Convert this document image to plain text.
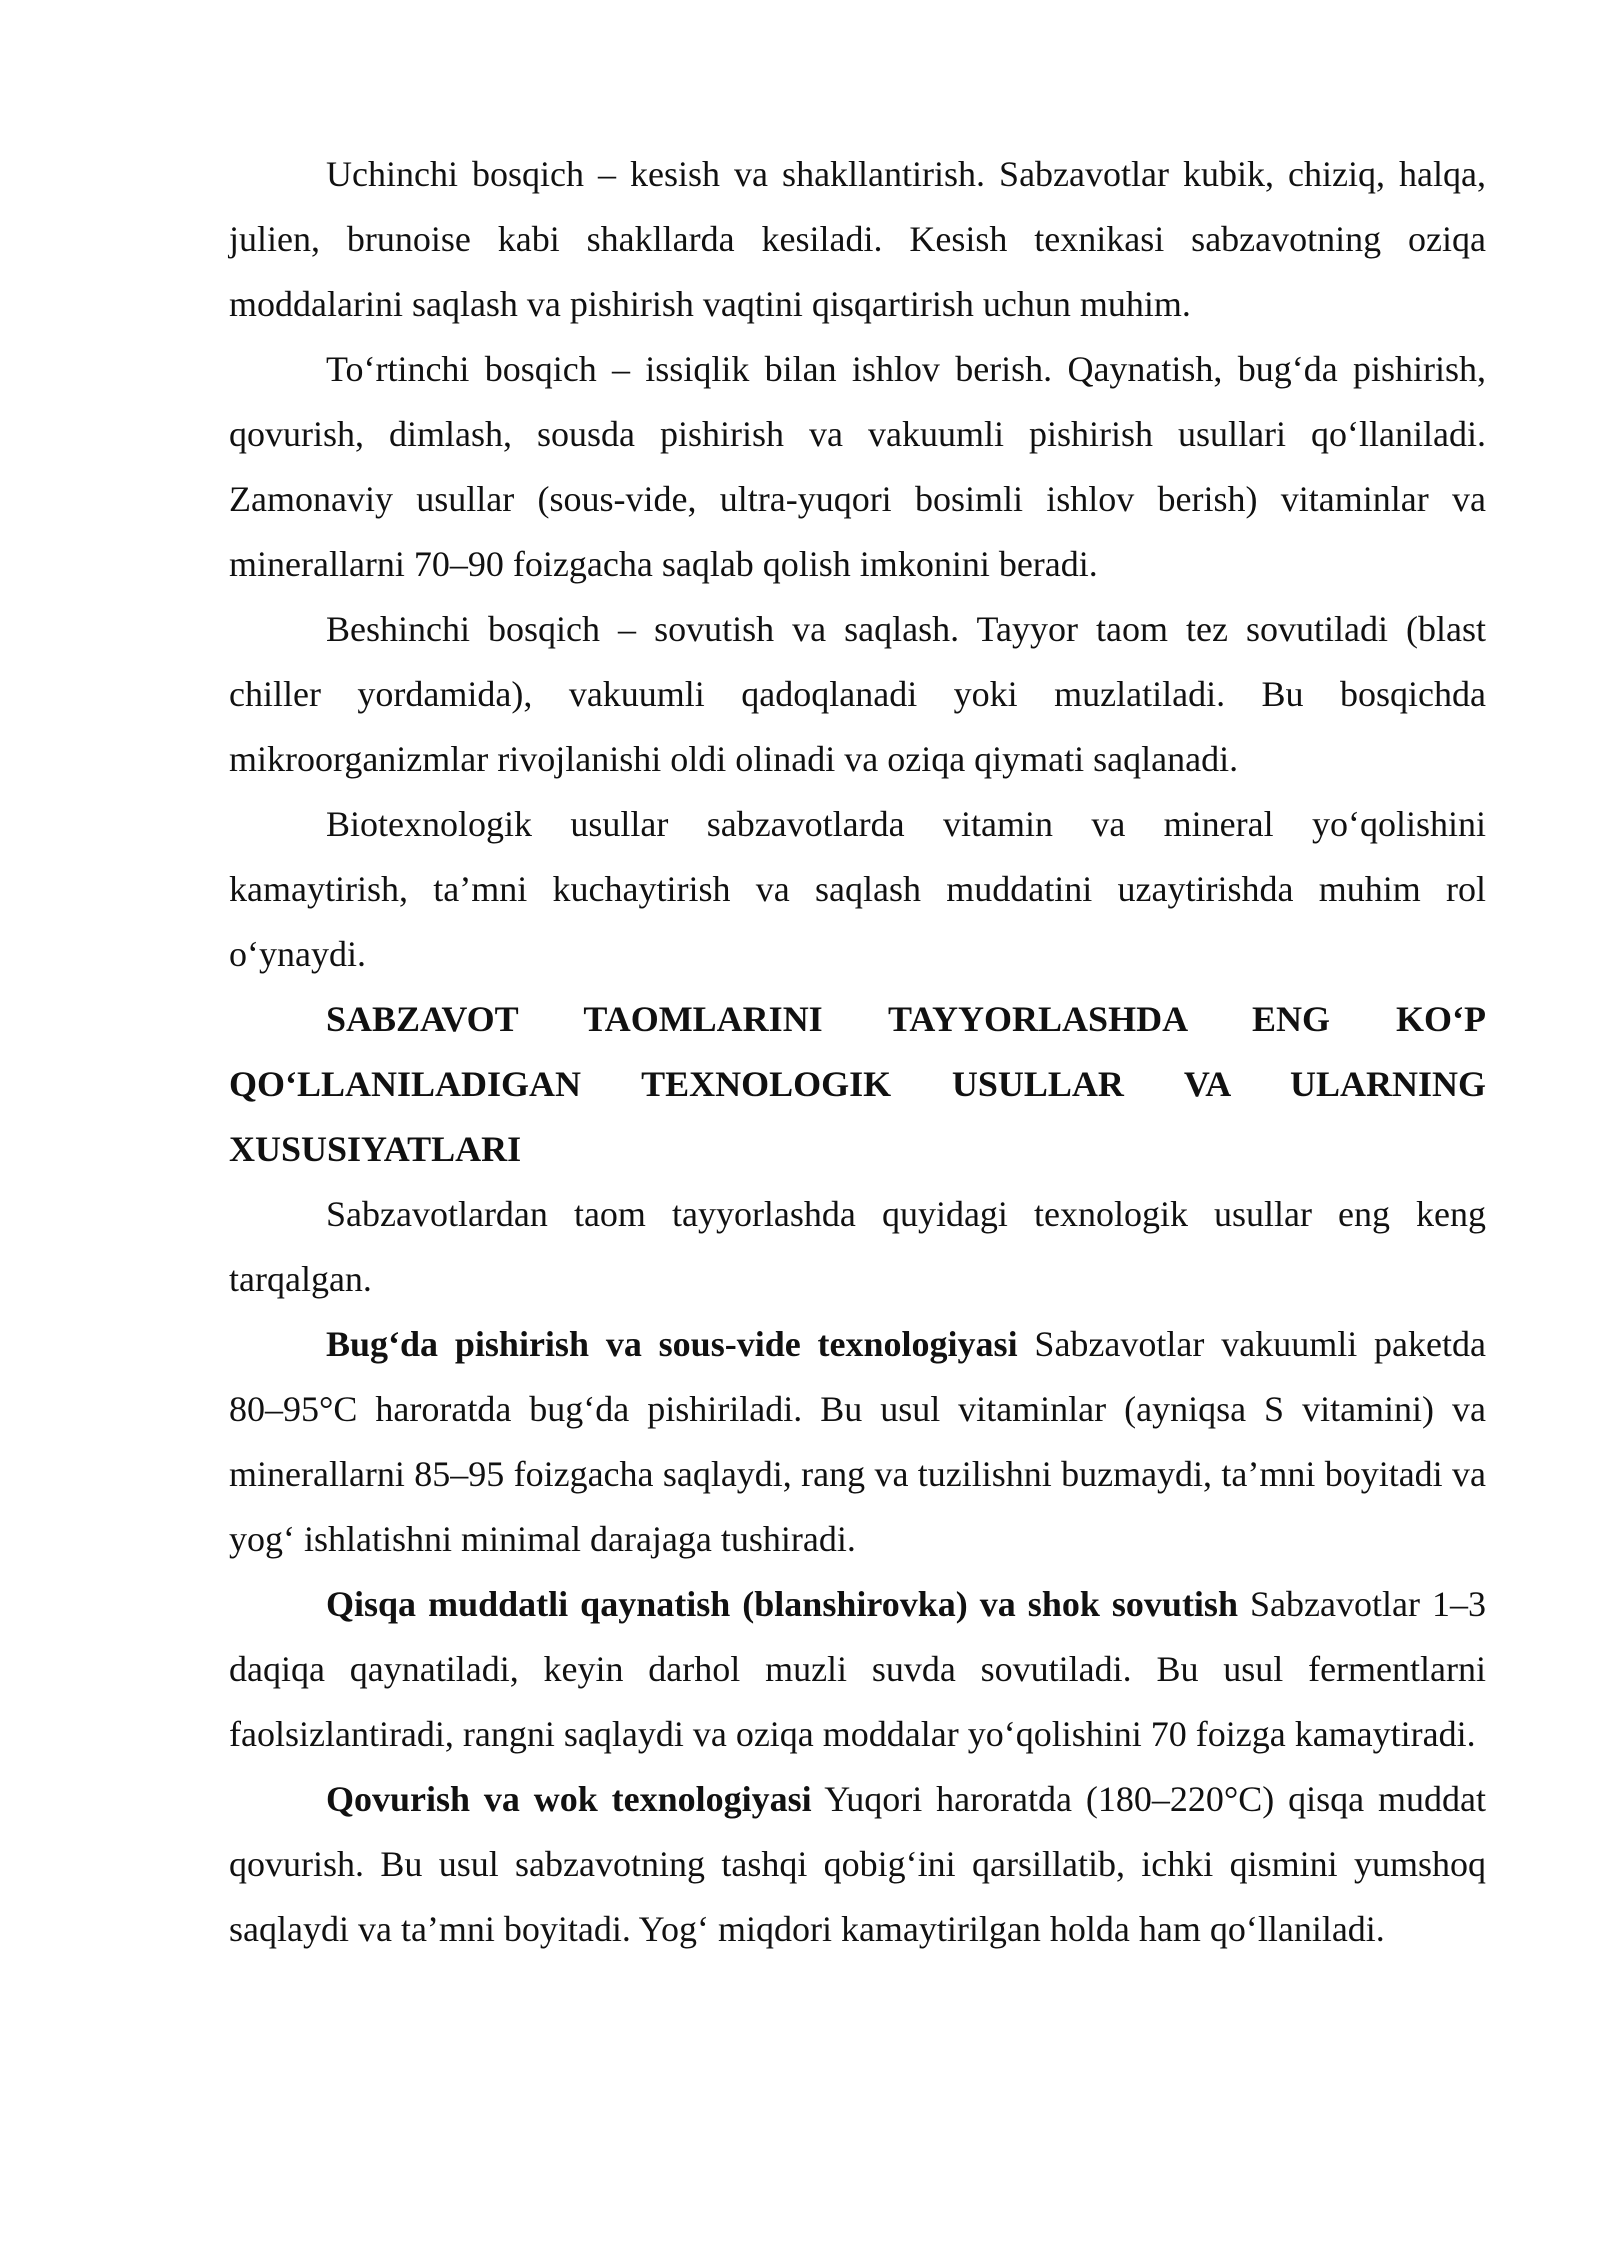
Uchinchi bosqich – kesish va shakllantirish. Sabzavotlar kubik, chiziq, halqa, julien, brunoise kabi shakllarda kesiladi. Kesish texnikasi sabzavotning oziqa moddalarini saqlash va pishirish vaqtini qisqartirish uchun muhim.

To‘rtinchi bosqich – issiqlik bilan ishlov berish. Qaynatish, bug‘da pishirish, qovurish, dimlash, sousda pishirish va vakuumli pishirish usullari qo‘llaniladi. Zamonaviy usullar (sous-vide, ultra-yuqori bosimli ishlov berish) vitaminlar va minerallarni 70–90 foizgacha saqlab qolish imkonini beradi.

Beshinchi bosqich – sovutish va saqlash. Tayyor taom tez sovutiladi (blast chiller yordamida), vakuumli qadoqlanadi yoki muzlatiladi. Bu bosqichda mikroorganizmlar rivojlanishi oldi olinadi va oziqa qiymati saqlanadi.

Biotexnologik usullar sabzavotlarda vitamin va mineral yo‘qolishini kamaytirish, ta’mni kuchaytirish va saqlash muddatini uzaytirishda muhim rol o‘ynaydi.

SABZAVOT TAOMLARINI TAYYORLASHDA ENG KO‘P QO‘LLANILADIGAN TEXNOLOGIK USULLAR VA ULARNING XUSUSIYATLARI

Sabzavotlardan taom tayyorlashda quyidagi texnologik usullar eng keng tarqalgan.

Bug‘da pishirish va sous-vide texnologiyasi Sabzavotlar vakuumli paketda 80–95°C haroratda bug‘da pishiriladi. Bu usul vitaminlar (ayniqsa S vitamini) va minerallarni 85–95 foizgacha saqlaydi, rang va tuzilishni buzmaydi, ta’mni boyitadi va yog‘ ishlatishni minimal darajaga tushiradi.

Qisqa muddatli qaynatish (blanshirovka) va shok sovutish Sabzavotlar 1–3 daqiqa qaynatiladi, keyin darhol muzli suvda sovutiladi. Bu usul fermentlarni faolsizlantiradi, rangni saqlaydi va oziqa moddalar yo‘qolishini 70 foizga kamaytiradi.

Qovurish va wok texnologiyasi Yuqori haroratda (180–220°C) qisqa muddat qovurish. Bu usul sabzavotning tashqi qobig‘ini qarsillatib, ichki qismini yumshoq saqlaydi va ta’mni boyitadi. Yog‘ miqdori kamaytirilgan holda ham qo‘llaniladi.
